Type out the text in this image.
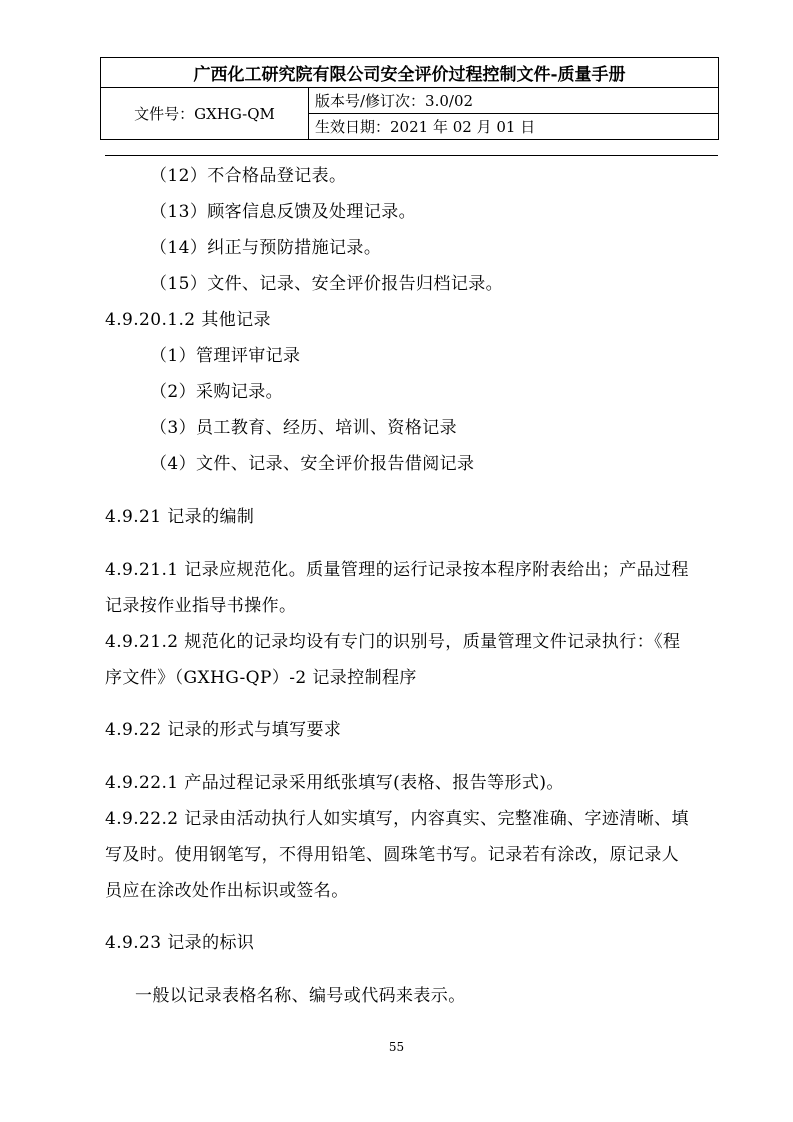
广西化工研究院有限公司安全评价过程控制文件-质量手册
文件号：GXHG-QM	版本号/修订次：3.0/02
生效日期：2021 年 02 月 01 日
（12）不合格品登记表。
（13）顾客信息反馈及处理记录。
（14）纠正与预防措施记录。
（15）文件、记录、安全评价报告归档记录。
4.9.20.1.2 其他记录
（1）管理评审记录
（2）采购记录。
（3）员工教育、经历、培训、资格记录
（4）文件、记录、安全评价报告借阅记录
4.9.21 记录的编制
4.9.21.1 记录应规范化。质量管理的运行记录按本程序附表给出；产品过程
记录按作业指导书操作。
4.9.21.2 规范化的记录均设有专门的识别号，质量管理文件记录执行：《程
序文件》（GXHG-QP）-2 记录控制程序
4.9.22 记录的形式与填写要求
4.9.22.1 产品过程记录采用纸张填写(表格、报告等形式)。
4.9.22.2 记录由活动执行人如实填写，内容真实、完整准确、字迹清晰、填
写及时。使用钢笔写，不得用铅笔、圆珠笔书写。记录若有涂改，原记录人
员应在涂改处作出标识或签名。
4.9.23 记录的标识
一般以记录表格名称、编号或代码来表示。
55
